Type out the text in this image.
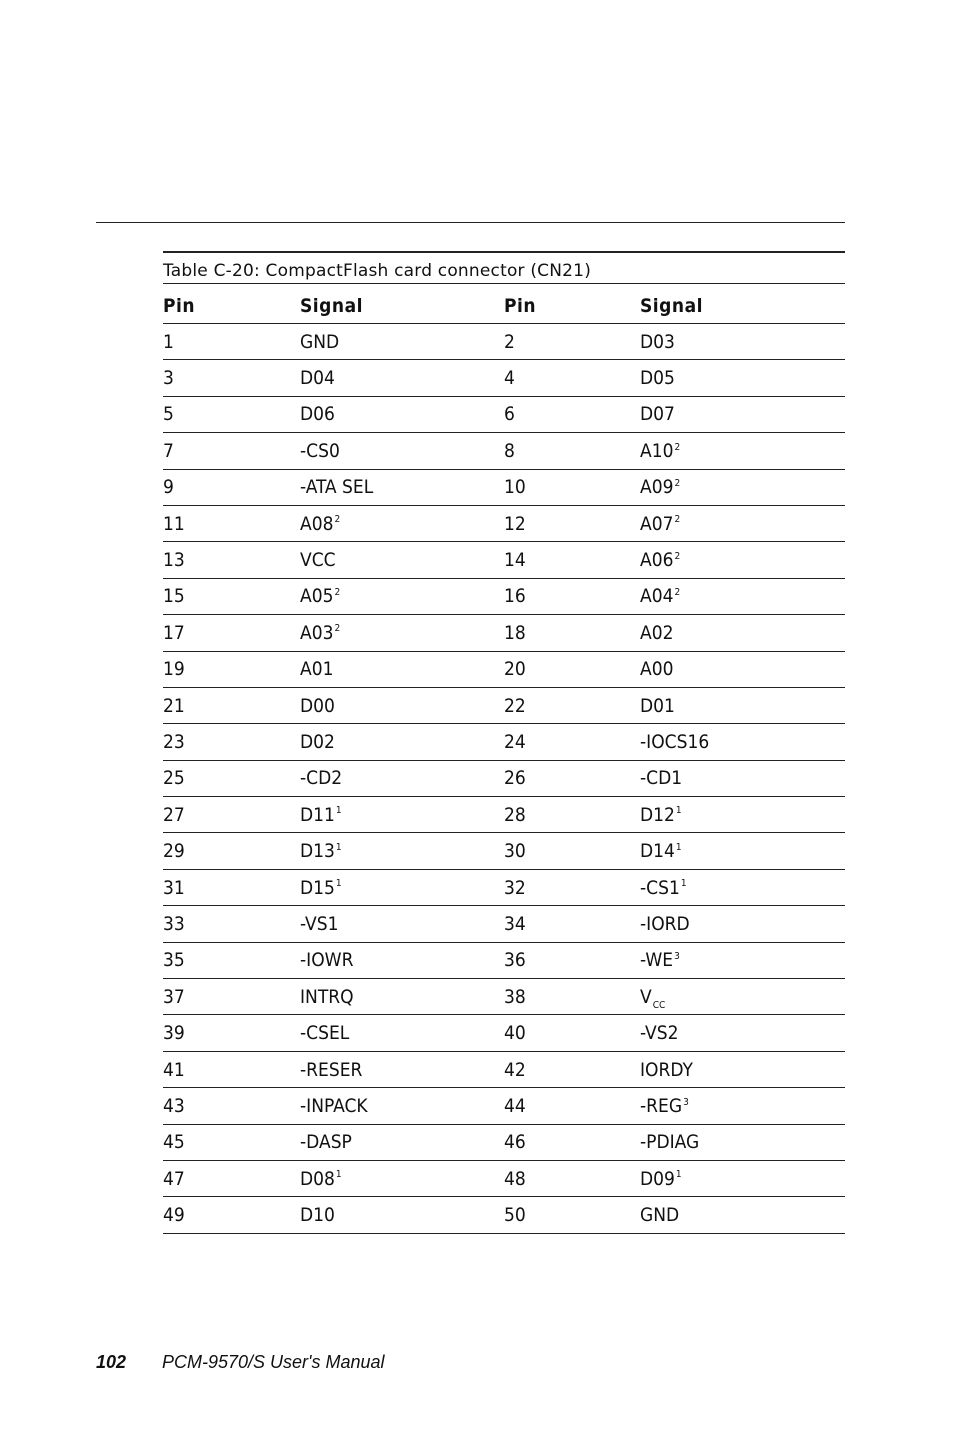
Table C-20: CompactFlash card connector (CN21)
Pin	Signal	Pin	Signal
1	GND	2	D03
3	D04	4	D05
5	D06	6	D07
7	-CS0	8	$A10^2$
9	-ATA SEL	10	$A09^2$
11	$A08^2$	12	$A07^2$
13	VCC	14	$A06^2$
15	$A05^2$	16	$A04^2$
17	$A03^2$	18	A02
19	A01	20	A00
21	D00	22	D01
23	D02	24	-IOCS16
25	-CD2	26	-CD1
27	$D11^1$	28	$D12^1$
29	$D13^1$	30	$D14^1$
31	$D15^1$	32	$-CS1^1$
33	-VS1	34	-IORD
35	-IOWR	36	$-WE^3$
37	INTRQ	38	$V_{CC}$
39	-CSEL	40	-VS2
41	-RESER	42	IORDY
43	-INPACK	44	-REG$^3$
45	-DASP	46	-PDIAG
47	$D08^1$	48	$D09^1$
49	D10	50	GND
102 PCM-9570/S User's Manual
